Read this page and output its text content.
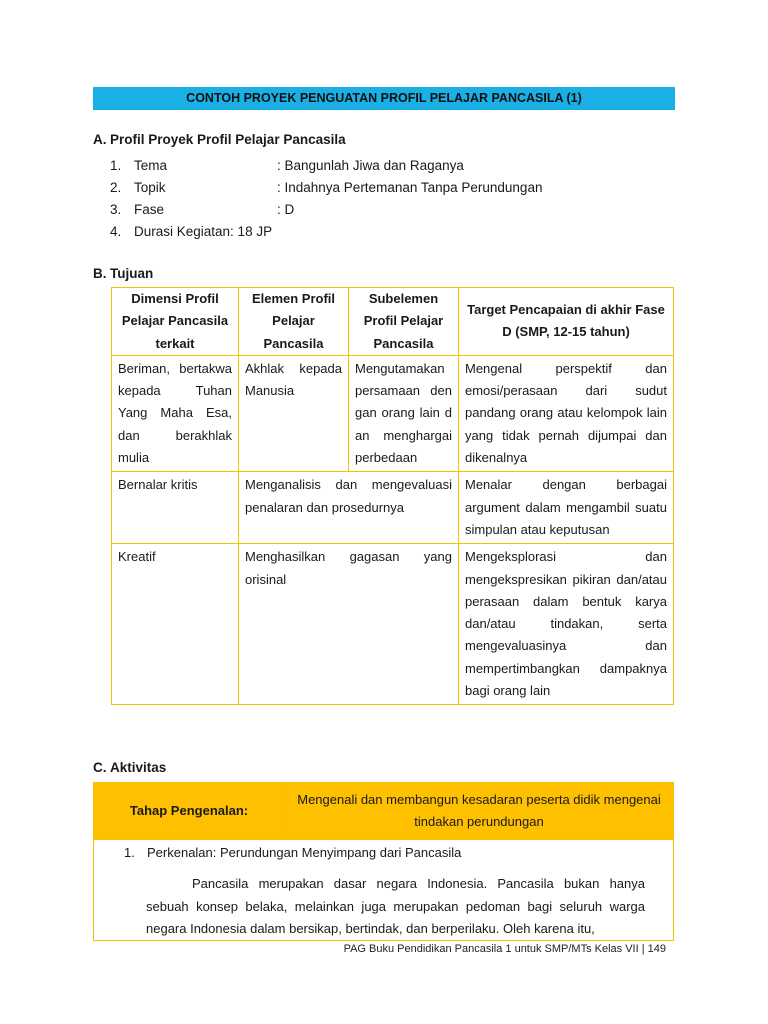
CONTOH PROYEK PENGUATAN PROFIL PELAJAR PANCASILA (1)
A. Profil Proyek Profil Pelajar Pancasila
1. Tema	: Bangunlah Jiwa dan Raganya
2. Topik	: Indahnya Pertemanan Tanpa Perundungan
3. Fase	: D
4. Durasi Kegiatan: 18 JP
B. Tujuan
Dimensi Profil Pelajar Pancasila terkait	Elemen Profil Pelajar Pancasila	Subelemen Profil Pelajar Pancasila	Target Pencapaian di akhir Fase D (SMP, 12-15 tahun)
Beriman, bertakwa kepada Tuhan Yang Maha Esa, dan berakhlak mulia	Akhlak kepada Manusia	Mengutamakan persamaan dengan orang lain dan menghargai perbedaan	Mengenal perspektif dan emosi/perasaan dari sudut pandang orang atau kelompok lain yang tidak pernah dijumpai dan dikenalnya
Bernalar kritis	Menganalisis dan mengevaluasi penalaran dan prosedurnya		Menalar dengan berbagai argument dalam mengambil suatu simpulan atau keputusan
Kreatif	Menghasilkan gagasan yang orisinal		Mengeksplorasi dan mengekspresikan pikiran dan/atau perasaan dalam bentuk karya dan/atau tindakan, serta mengevaluasinya dan mempertimbangkan dampaknya bagi orang lain
C. Aktivitas
Tahap Pengenalan:	Mengenali dan membangun kesadaran peserta didik mengenai tindakan perundungan

1. Perkenalan: Perundungan Menyimpang dari Pancasila
Pancasila merupakan dasar negara Indonesia. Pancasila bukan hanya sebuah konsep belaka, melainkan juga merupakan pedoman bagi seluruh warga negara Indonesia dalam bersikap, bertindak, dan berperilaku. Oleh karena itu,
PAG Buku Pendidikan Pancasila 1 untuk SMP/MTs Kelas VII | 149
